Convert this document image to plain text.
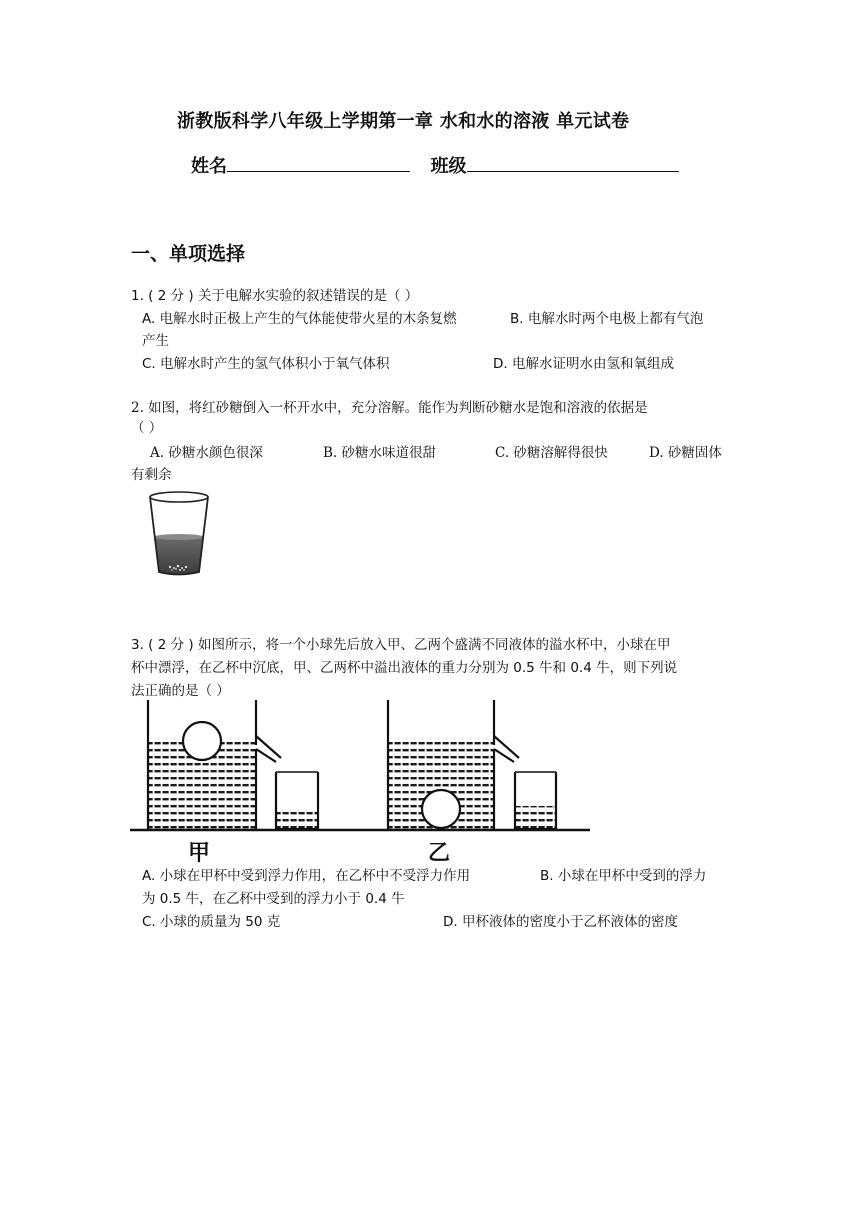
浙教版科学八年级上学期第一章 水和水的溶液 单元试卷
姓名	班级
一、单项选择
1. ( 2 分 ) 关于电解水实验的叙述错误的是（ ）
A. 电解水时正极上产生的气体能使带火星的木条复燃	B. 电解水时两个电极上都有气泡
产生
C. 电解水时产生的氢气体积小于氧气体积	D. 电解水证明水由氢和氧组成
2. 如图，将红砂糖倒入一杯开水中，充分溶解。能作为判断砂糖水是饱和溶液的依据是
（ ）
A. 砂糖水颜色很深	B. 砂糖水味道很甜	C. 砂糖溶解得很快	D. 砂糖固体
有剩余
3. ( 2 分 ) 如图所示，将一个小球先后放入甲、乙两个盛满不同液体的溢水杯中，小球在甲
杯中漂浮，在乙杯中沉底，甲、乙两杯中溢出液体的重力分别为 0.5 牛和 0.4 牛，则下列说
法正确的是（ ）
甲	乙
A. 小球在甲杯中受到浮力作用，在乙杯中不受浮力作用	B. 小球在甲杯中受到的浮力
为 0.5 牛，在乙杯中受到的浮力小于 0.4 牛
C. 小球的质量为 50 克	D. 甲杯液体的密度小于乙杯液体的密度
